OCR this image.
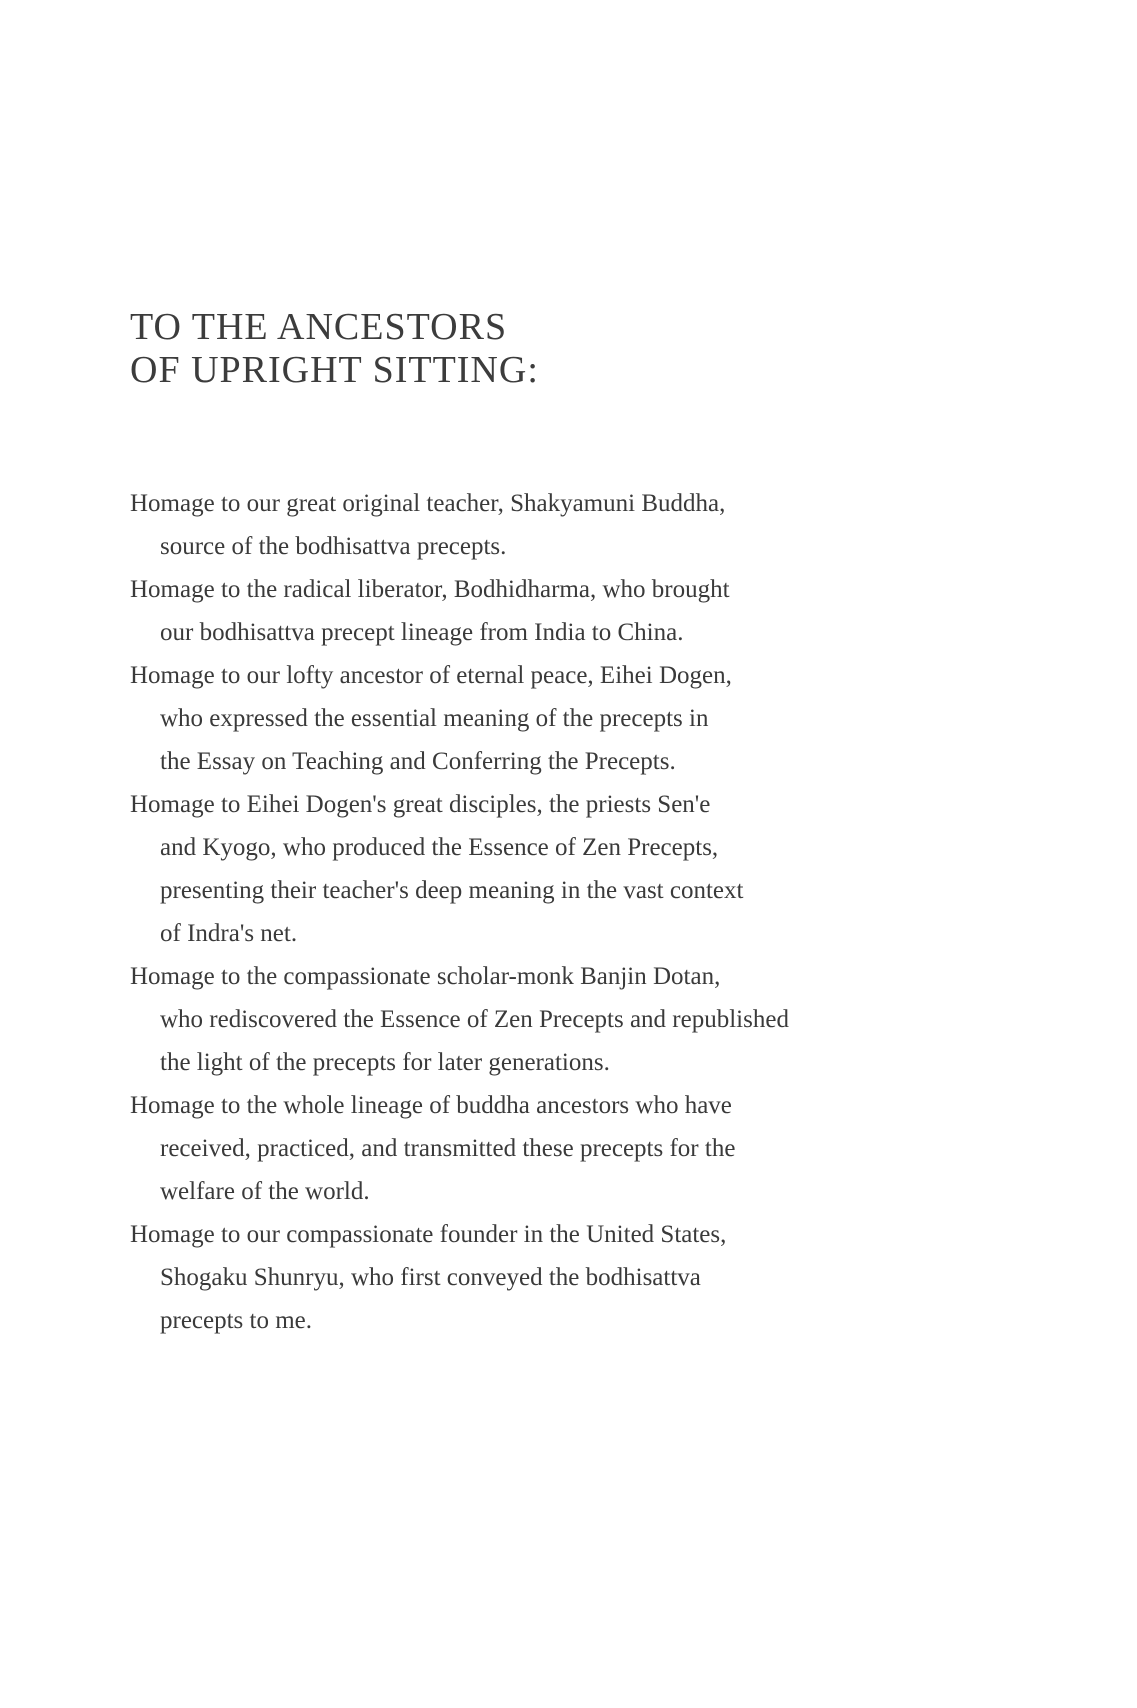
TO THE ANCESTORS
OF UPRIGHT SITTING:
Homage to our great original teacher, Shakyamuni Buddha,
source of the bodhisattva precepts.
Homage to the radical liberator, Bodhidharma, who brought
our bodhisattva precept lineage from India to China.
Homage to our lofty ancestor of eternal peace, Eihei Dogen,
who expressed the essential meaning of the precepts in
the Essay on Teaching and Conferring the Precepts.
Homage to Eihei Dogen's great disciples, the priests Sen'e
and Kyogo, who produced the Essence of Zen Precepts,
presenting their teacher's deep meaning in the vast context
of Indra's net.
Homage to the compassionate scholar-monk Banjin Dotan,
who rediscovered the Essence of Zen Precepts and republished
the light of the precepts for later generations.
Homage to the whole lineage of buddha ancestors who have
received, practiced, and transmitted these precepts for the
welfare of the world.
Homage to our compassionate founder in the United States,
Shogaku Shunryu, who first conveyed the bodhisattva
precepts to me.
